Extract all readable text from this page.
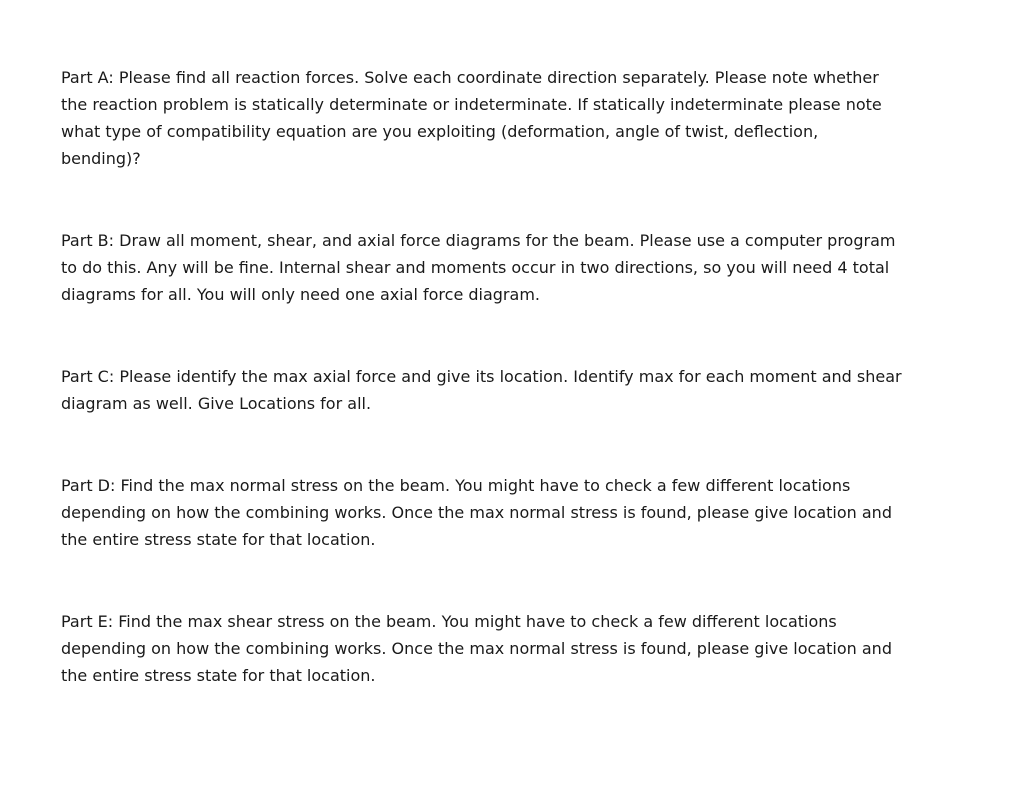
Part A: Please find all reaction forces. Solve each coordinate direction separately. Please note whether
the reaction problem is statically determinate or indeterminate. If statically indeterminate please note
what type of compatibility equation are you exploiting (deformation, angle of twist, deflection,
bending)?

Part B: Draw all moment, shear, and axial force diagrams for the beam. Please use a computer program
to do this. Any will be fine. Internal shear and moments occur in two directions, so you will need 4 total
diagrams for all. You will only need one axial force diagram.

Part C: Please identify the max axial force and give its location. Identify max for each moment and shear
diagram as well. Give Locations for all.

Part D: Find the max normal stress on the beam. You might have to check a few different locations
depending on how the combining works. Once the max normal stress is found, please give location and
the entire stress state for that location.

Part E: Find the max shear stress on the beam. You might have to check a few different locations
depending on how the combining works. Once the max normal stress is found, please give location and
the entire stress state for that location.
